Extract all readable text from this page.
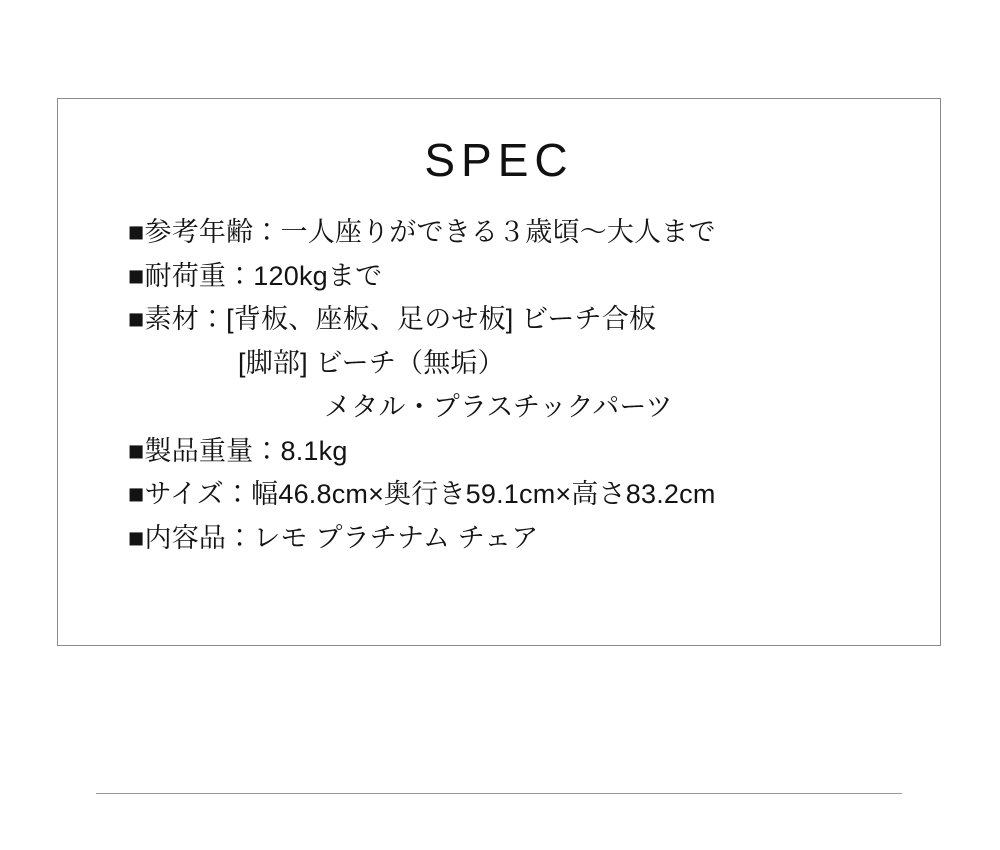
SPEC
■参考年齢：一人座りができる３歳頃〜大人まで
■耐荷重：120kgまで
■素材：[背板、座板、足のせ板] ビーチ合板
[脚部] ビーチ（無垢）
メタル・プラスチックパーツ
■製品重量：8.1kg
■サイズ：幅46.8cm×奥行き59.1cm×高さ83.2cm
■内容品：レモ プラチナム チェア
